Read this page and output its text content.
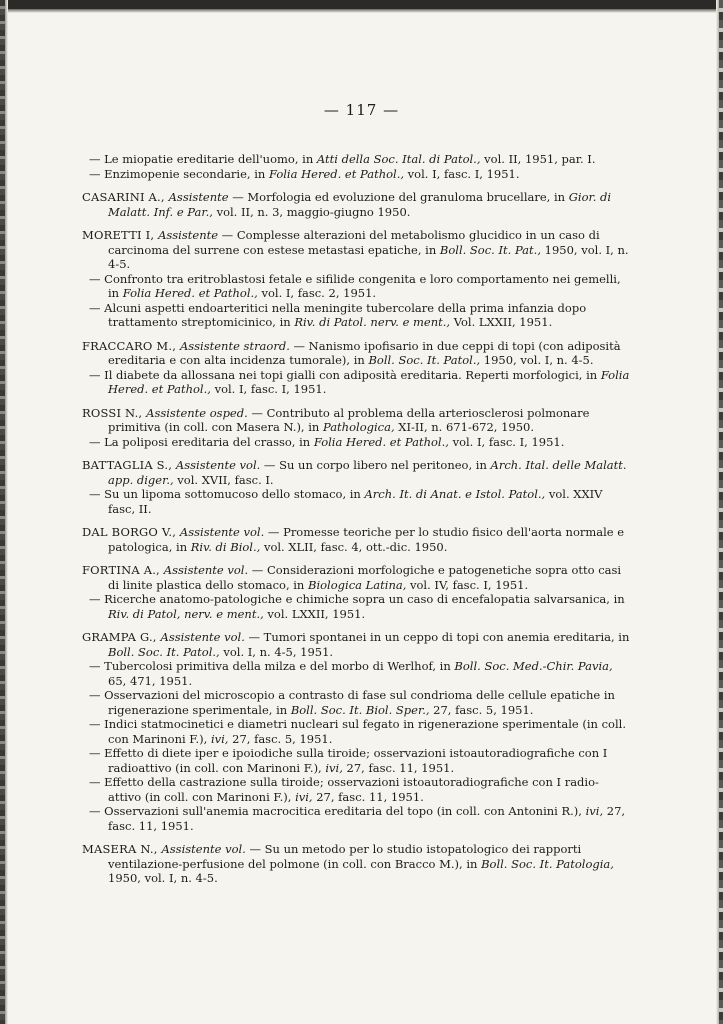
— 117 —
— Le miopatie ereditarie dell'uomo, in Atti della Soc. Ital. di Patol., vol. II, 1951, par. I.
— Enzimopenie secondarie, in Folia Hered. et Pathol., vol. I, fasc. I, 1951.
CASARINI A., Assistente — Morfologia ed evoluzione del granuloma brucellare, in Gior. di Malatt. Inf. e Par., vol. II, n. 3, maggio-giugno 1950.
MORETTI I, Assistente — Complesse alterazioni del metabolismo glucidico in un caso di carcinoma del surrene con estese metastasi epatiche, in Boll. Soc. It. Pat., 1950, vol. I, n. 4-5.
— Confronto tra eritroblastosi fetale e sifilide congenita e loro comportamento nei gemelli, in Folia Hered. et Pathol., vol. I, fasc. 2, 1951.
— Alcuni aspetti endoarteritici nella meningite tubercolare della prima infanzia dopo trattamento streptomicinico, in Riv. di Patol. nerv. e ment., Vol. LXXII, 1951.
FRACCARO M., Assistente straord. — Nanismo ipofisario in due ceppi di topi (con adiposità ereditaria e con alta incidenza tumorale), in Boll. Soc. It. Patol., 1950, vol. I, n. 4-5.
— Il diabete da allossana nei topi gialli con adiposità ereditaria. Reperti morfologici, in Folia Hered. et Pathol., vol. I, fasc. I, 1951.
ROSSI N., Assistente osped. — Contributo al problema della arteriosclerosi polmonare primitiva (in coll. con Masera N.), in Pathologica, XI-II, n. 671-672, 1950.
— La poliposi ereditaria del crasso, in Folia Hered. et Pathol., vol. I, fasc. I, 1951.
BATTAGLIA S., Assistente vol. — Su un corpo libero nel peritoneo, in Arch. Ital. delle Malatt. app. diger., vol. XVII, fasc. I.
— Su un lipoma sottomucoso dello stomaco, in Arch. It. di Anat. e Istol. Patol., vol. XXIV fasc, II.
DAL BORGO V., Assistente vol. — Promesse teoriche per lo studio fisico dell'aorta normale e patologica, in Riv. di Biol., vol. XLII, fasc. 4, ott.-dic. 1950.
FORTINA A., Assistente vol. — Considerazioni morfologiche e patogenetiche sopra otto casi di linite plastica dello stomaco, in Biologica Latina, vol. IV, fasc. I, 1951.
— Ricerche anatomo-patologiche e chimiche sopra un caso di encefalopatia salvarsanica, in Riv. di Patol, nerv. e ment., vol. LXXII, 1951.
GRAMPA G., Assistente vol. — Tumori spontanei in un ceppo di topi con anemia ereditaria, in Boll. Soc. It. Patol., vol. I, n. 4-5, 1951.
— Tubercolosi primitiva della milza e del morbo di Werlhof, in Boll. Soc. Med.-Chir. Pavia, 65, 471, 1951.
— Osservazioni del microscopio a contrasto di fase sul condrioma delle cellule epatiche in rigenerazione sperimentale, in Boll. Soc. It. Biol. Sper., 27, fasc. 5, 1951.
— Indici statmocinetici e diametri nucleari sul fegato in rigenerazione sperimentale (in coll. con Marinoni F.), ivi, 27, fasc. 5, 1951.
— Effetto di diete iper e ipoiodiche sulla tiroide; osservazioni istoautoradiografiche con I radioattivo (in coll. con Marinoni F.), ivi, 27, fasc. 11, 1951.
— Effetto della castrazione sulla tiroide; osservazioni istoautoradiografiche con I radio-attivo (in coll. con Marinoni F.), ivi, 27, fasc. 11, 1951.
— Osservazioni sull'anemia macrocitica ereditaria del topo (in coll. con Antonini R.), ivi, 27, fasc. 11, 1951.
MASERA N., Assistente vol. — Su un metodo per lo studio istopatologico dei rapporti ventilazione-perfusione del polmone (in coll. con Bracco M.), in Boll. Soc. It. Patologia, 1950, vol. I, n. 4-5.
